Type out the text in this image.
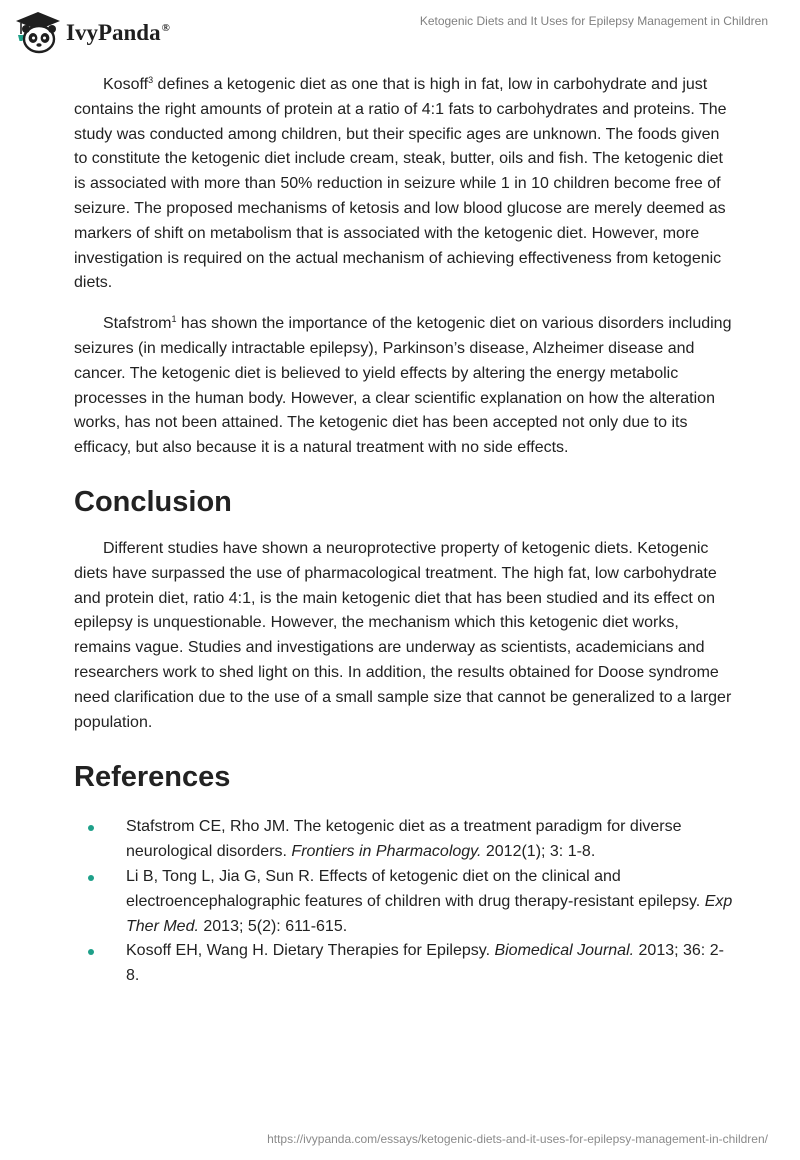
IvyPanda®
Ketogenic Diets and It Uses for Epilepsy Management in Children

Kosoff$^3$ defines a ketogenic diet as one that is high in fat, low in carbohydrate and just contains the right amounts of protein at a ratio of 4:1 fats to carbohydrates and proteins. The study was conducted among children, but their specific ages are unknown. The foods given to constitute the ketogenic diet include cream, steak, butter, oils and fish. The ketogenic diet is associated with more than 50% reduction in seizure while 1 in 10 children become free of seizure. The proposed mechanisms of ketosis and low blood glucose are merely deemed as markers of shift on metabolism that is associated with the ketogenic diet. However, more investigation is required on the actual mechanism of achieving effectiveness from ketogenic diets.

Stafstrom$^1$ has shown the importance of the ketogenic diet on various disorders including seizures (in medically intractable epilepsy), Parkinson’s disease, Alzheimer disease and cancer. The ketogenic diet is believed to yield effects by altering the energy metabolic processes in the human body. However, a clear scientific explanation on how the alteration works, has not been attained. The ketogenic diet has been accepted not only due to its efficacy, but also because it is a natural treatment with no side effects.

Conclusion

Different studies have shown a neuroprotective property of ketogenic diets. Ketogenic diets have surpassed the use of pharmacological treatment. The high fat, low carbohydrate and protein diet, ratio 4:1, is the main ketogenic diet that has been studied and its effect on epilepsy is unquestionable. However, the mechanism which this ketogenic diet works, remains vague. Studies and investigations are underway as scientists, academicians and researchers work to shed light on this. In addition, the results obtained for Doose syndrome need clarification due to the use of a small sample size that cannot be generalized to a larger population.

References
Stafstrom CE, Rho JM. The ketogenic diet as a treatment paradigm for diverse neurological disorders. Frontiers in Pharmacology. 2012(1); 3: 1-8.
Li B, Tong L, Jia G, Sun R. Effects of ketogenic diet on the clinical and electroencephalographic features of children with drug therapy-resistant epilepsy. Exp Ther Med. 2013; 5(2): 611-615.
Kosoff EH, Wang H. Dietary Therapies for Epilepsy. Biomedical Journal. 2013; 36: 2-8.
https://ivypanda.com/essays/ketogenic-diets-and-it-uses-for-epilepsy-management-in-children/
